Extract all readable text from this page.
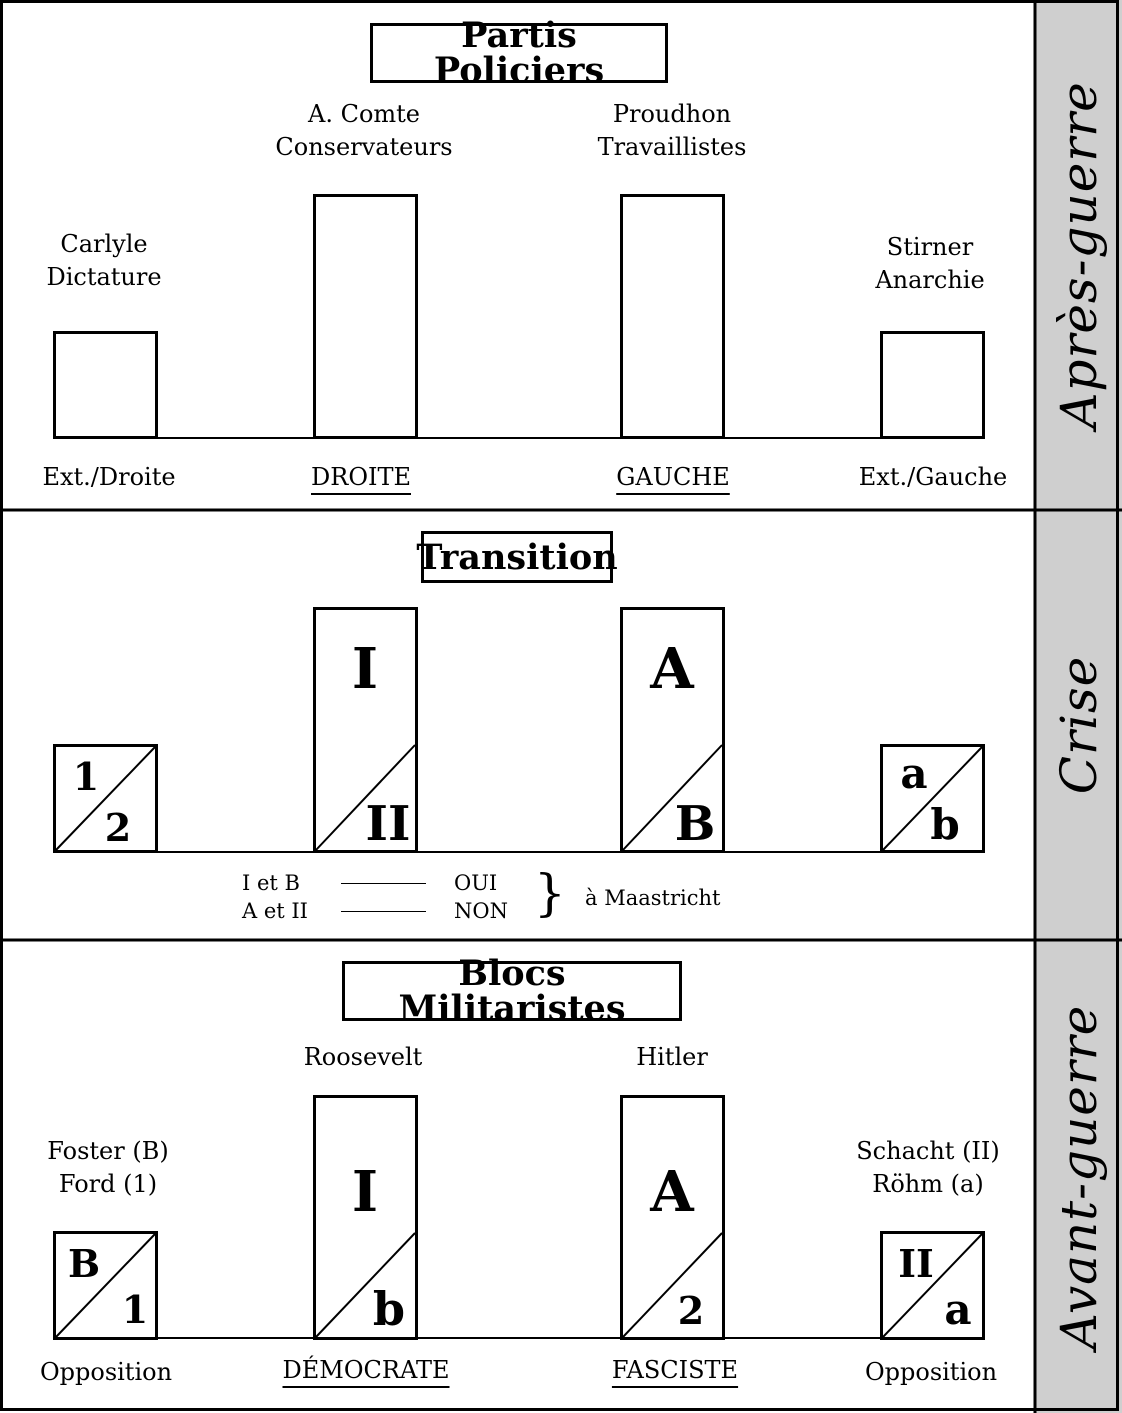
Partis Policiers
Carlyle
Dictature
A. Comte
Conservateurs
Proudhon
Travaillistes
Stirner
Anarchie
Ext./Droite	DROITE	GAUCHE	Ext./Gauche
Après-guerre
Transition
1
2
I
II
A
B
a
b
I et B	OUI
A et II	NON } à Maastricht
Crise
Blocs Militaristes
Roosevelt	Hitler
Foster (B)
Ford (1)
Schacht (II)
Röhm (a)
B
1
I
b
A
2
II
a
Opposition	DÉMOCRATE	FASCISTE	Opposition
Avant-guerre
